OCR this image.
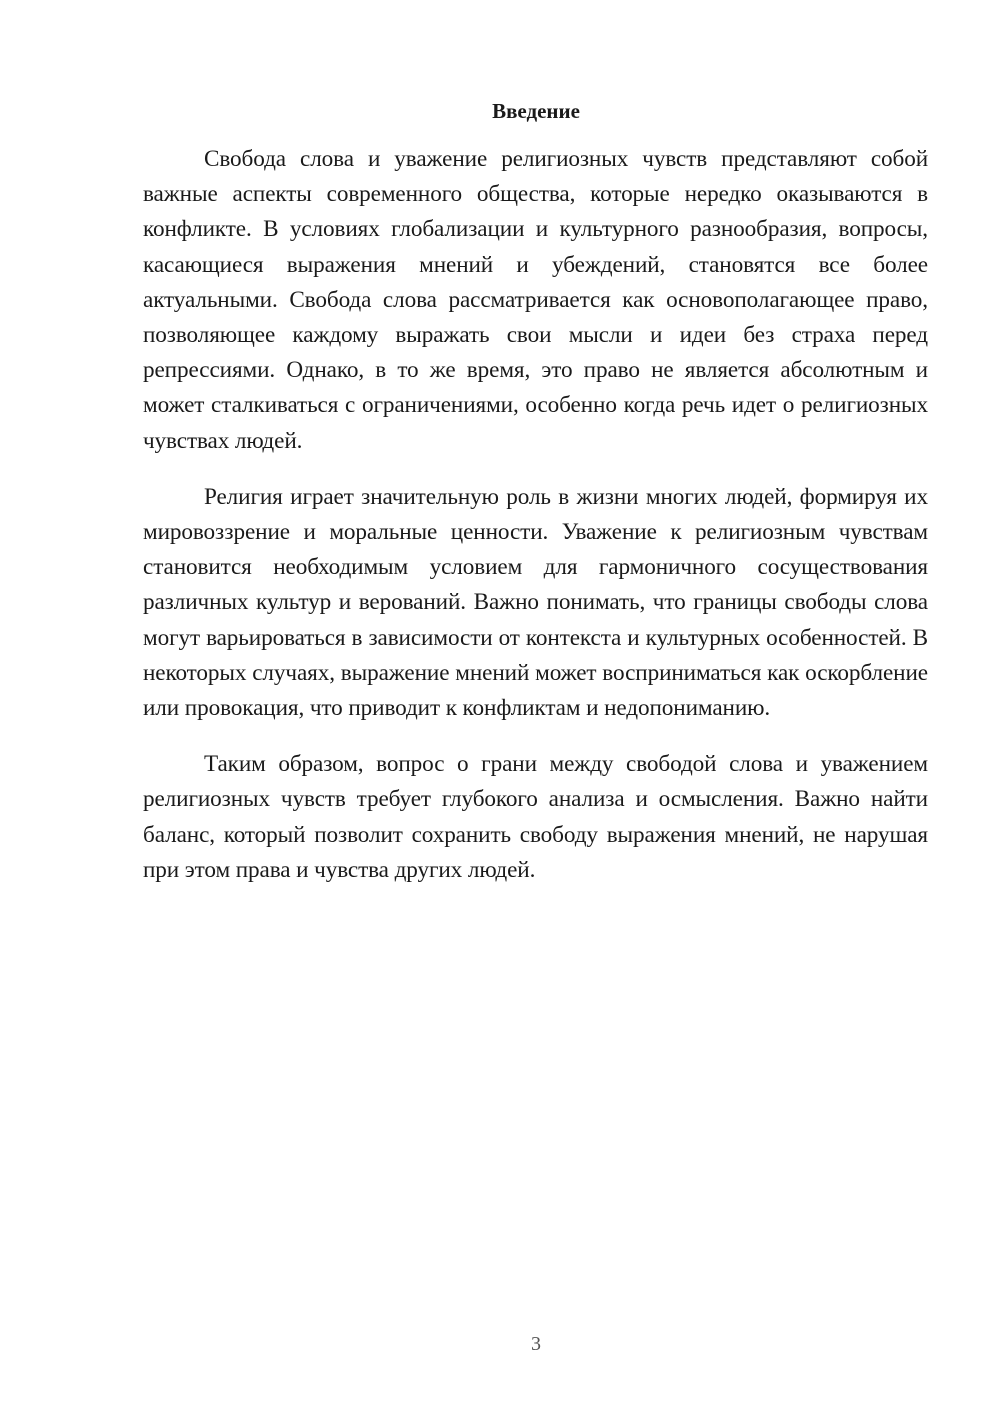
Введение

Свобода слова и уважение религиозных чувств представляют собой важные аспекты современного общества, которые нередко оказываются в конфликте. В условиях глобализации и культурного разнообразия, вопросы, касающиеся выражения мнений и убеждений, становятся все более актуальными. Свобода слова рассматривается как основополагающее право, позволяющее каждому выражать свои мысли и идеи без страха перед репрессиями. Однако, в то же время, это право не является абсолютным и может сталкиваться с ограничениями, особенно когда речь идет о религиозных чувствах людей.

Религия играет значительную роль в жизни многих людей, формируя их мировоззрение и моральные ценности. Уважение к религиозным чувствам становится необходимым условием для гармоничного сосуществования различных культур и верований. Важно понимать, что границы свободы слова могут варьироваться в зависимости от контекста и культурных особенностей. В некоторых случаях, выражение мнений может восприниматься как оскорбление или провокация, что приводит к конфликтам и недопониманию.

Таким образом, вопрос о грани между свободой слова и уважением религиозных чувств требует глубокого анализа и осмысления. Важно найти баланс, который позволит сохранить свободу выражения мнений, не нарушая при этом права и чувства других людей.

3
